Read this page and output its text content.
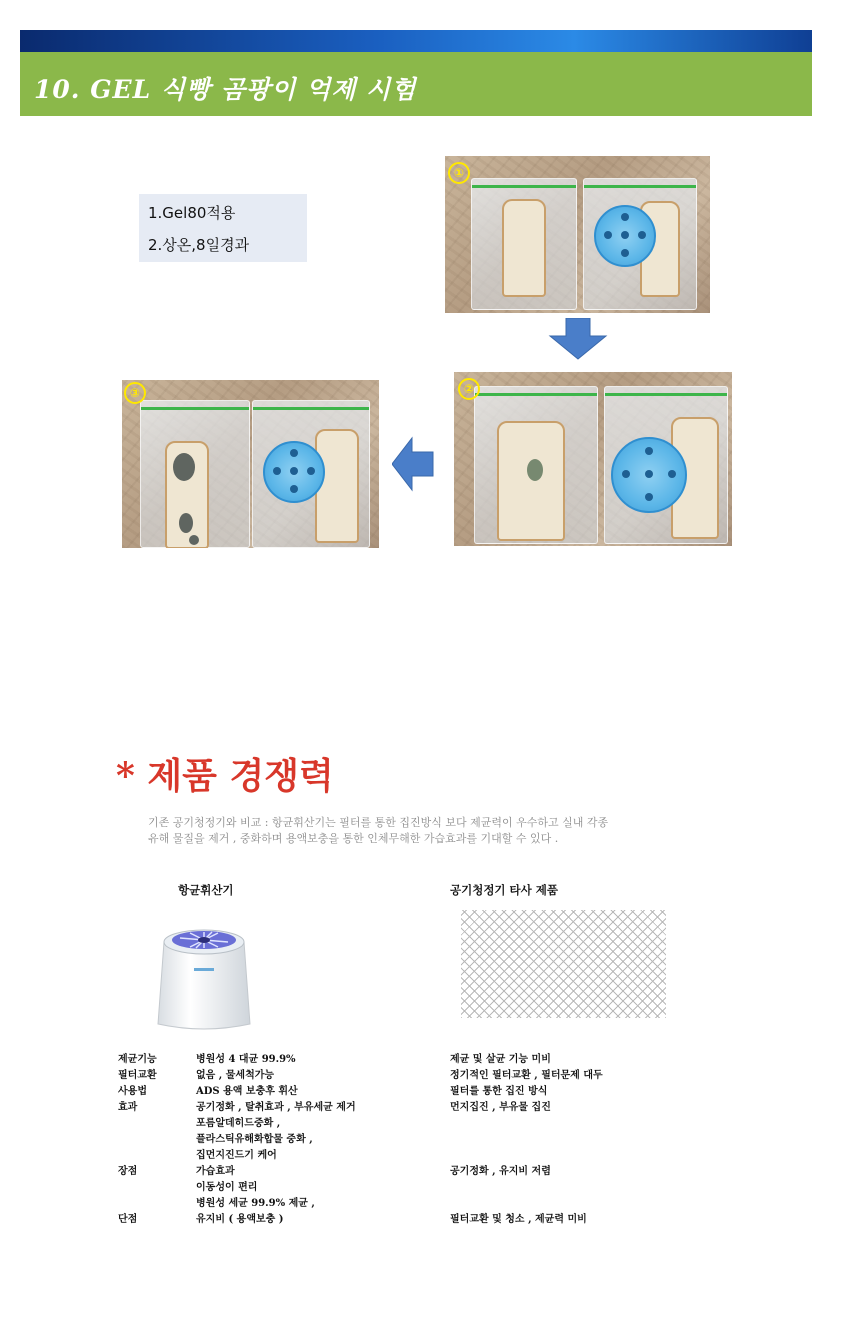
10. GEL 식빵 곰팡이 억제 시험
1.Gel80적용
2.상온,8일경과
①
②
③
* 제품 경쟁력
기존 공기청정기와 비교 : 항균휘산기는 필터를 통한 집진방식 보다 제균력이 우수하고 실내 각종
유해 물질을 제거 , 중화하며 용액보충을 통한 인체무해한 가습효과를 기대할 수 있다 .
항균휘산기	공기청정기 타사 제품
제균기능	병원성 4 대균 99.9%	제균 및 살균 기능 미비
필터교환	없음 , 물세척가능	정기적인 필터교환 , 필터문제 대두
사용법	ADS 용액 보충후 휘산	필터를 통한 집진 방식
효과	공기정화 , 탈취효과 , 부유세균 제거	먼지집진 , 부유물 집진
포름알데히드중화 ,
플라스틱유해화합물 중화 ,
집먼지진드기 케어
장점	가습효과	공기정화 , 유지비 저렴
이동성이 편리
병원성 세균 99.9% 제균 ,
단점	유지비 ( 용액보충 )	필터교환 및 청소 , 제균력 미비
